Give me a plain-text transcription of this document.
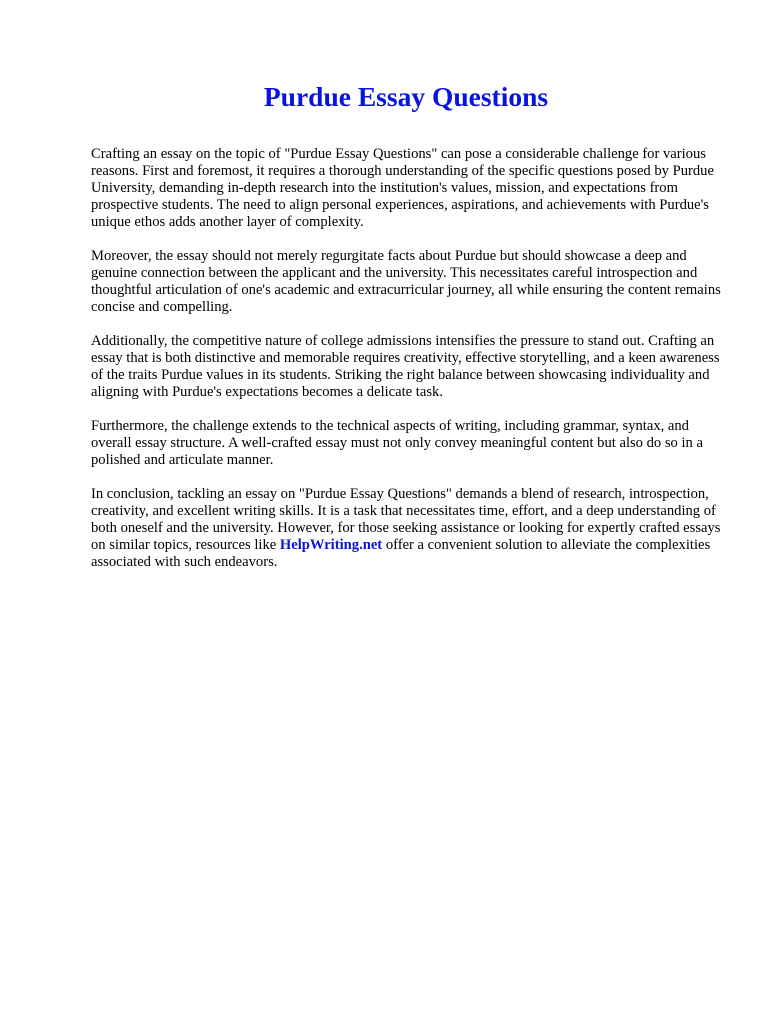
Purdue Essay Questions

Crafting an essay on the topic of "Purdue Essay Questions" can pose a considerable challenge for various reasons. First and foremost, it requires a thorough understanding of the specific questions posed by Purdue University, demanding in-depth research into the institution's values, mission, and expectations from prospective students. The need to align personal experiences, aspirations, and achievements with Purdue's unique ethos adds another layer of complexity.

Moreover, the essay should not merely regurgitate facts about Purdue but should showcase a deep and genuine connection between the applicant and the university. This necessitates careful introspection and thoughtful articulation of one's academic and extracurricular journey, all while ensuring the content remains concise and compelling.

Additionally, the competitive nature of college admissions intensifies the pressure to stand out. Crafting an essay that is both distinctive and memorable requires creativity, effective storytelling, and a keen awareness of the traits Purdue values in its students. Striking the right balance between showcasing individuality and aligning with Purdue's expectations becomes a delicate task.

Furthermore, the challenge extends to the technical aspects of writing, including grammar, syntax, and overall essay structure. A well-crafted essay must not only convey meaningful content but also do so in a polished and articulate manner.

In conclusion, tackling an essay on "Purdue Essay Questions" demands a blend of research, introspection, creativity, and excellent writing skills. It is a task that necessitates time, effort, and a deep understanding of both oneself and the university. However, for those seeking assistance or looking for expertly crafted essays on similar topics, resources like HelpWriting.net offer a convenient solution to alleviate the complexities associated with such endeavors.
